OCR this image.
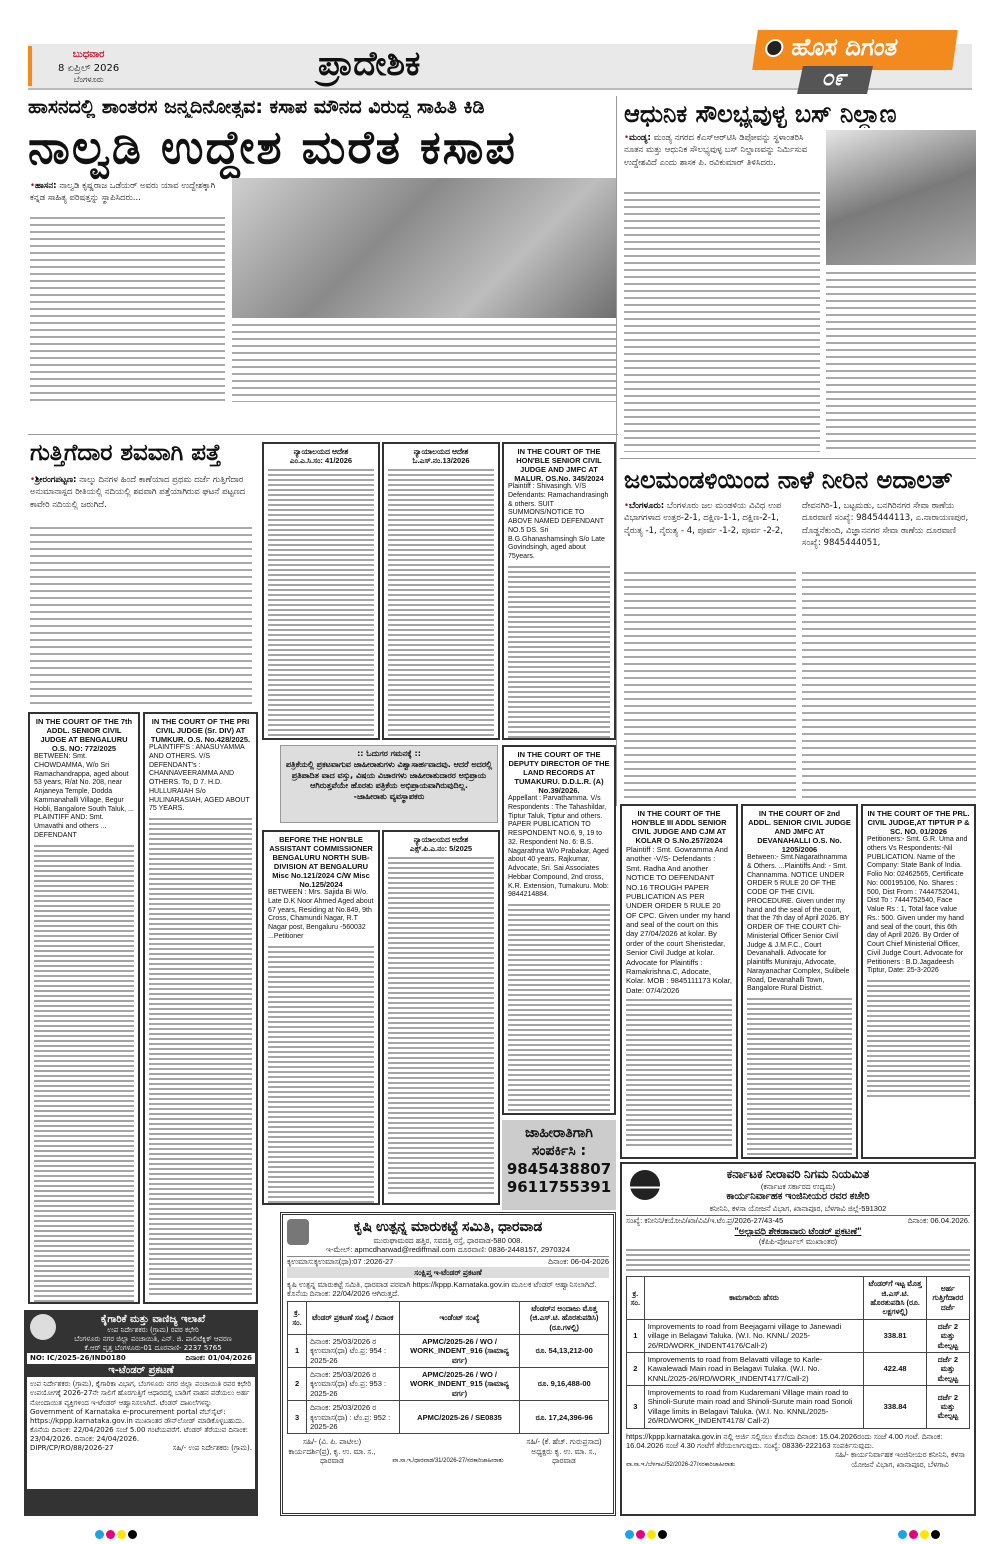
ಬುಧವಾರ
8 ಏಪ್ರಿಲ್ 2026
ಬೆಂಗಳೂರು	ಪ್ರಾದೇಶಿಕ	ಹೊಸ ದಿಗಂತ
೦೯
ಹಾಸನದಲ್ಲಿ ಶಾಂತರಸ ಜನ್ಮದಿನೋತ್ಸವ: ಕಸಾಪ ಮೌನದ ವಿರುದ್ಧ ಸಾಹಿತಿ ಕಿಡಿ
ನಾಲ್ವಡಿ ಉದ್ದೇಶ ಮರೆತ ಕಸಾಪ
•ಹಾಸನ: ನಾಲ್ವಡಿ ಕೃಷ್ಣರಾಜ ಒಡೆಯರ್ ಅವರು ಯಾವ ಉದ್ದೇಶಕ್ಕಾಗಿ ಕನ್ನಡ ಸಾಹಿತ್ಯ ಪರಿಷತ್ತನ್ನು ಸ್ಥಾಪಿಸಿದರು...
ಗುತ್ತಿಗೆದಾರ ಶವವಾಗಿ ಪತ್ತೆ
•ಶ್ರೀರಂಗಪಟ್ಟಣ: ನಾಲ್ಕು ದಿನಗಳ ಹಿಂದೆ ಕಾಣೆಯಾದ ಪ್ರಥಮ ದರ್ಜೆ ಗುತ್ತಿಗೆದಾರ ಅನುಮಾನಾಸ್ಪದ ರೀತಿಯಲ್ಲಿ ನದಿಯಲ್ಲಿ ಶವವಾಗಿ ಪತ್ತೆಯಾಗಿರುವ ಘಟನೆ ಪಟ್ಟಣದ ಕಾವೇರಿ ನದಿಯಲ್ಲಿ ಜರುಗಿದೆ.
ನ್ಯಾಯಾಲಯದ ಆದೇಶ
ಎಂ.ಎ.ಸಿ.ಸಂ: 41/2026
ನ್ಯಾಯಾಲಯದ ಆದೇಶ
ಓ.ಎಸ್.ನಂ.13/2026
IN THE COURT OF THE HON'BLE SENIOR CIVIL JUDGE AND JMFC AT MALUR. OS.No. 345/2024
Plaintiff : Shivasingh. V/S Defendants: Ramachandrasingh & others. SUIT SUMMONS/NOTICE TO ABOVE NAMED DEFENDANT NO.5 DS. Sri B.G.Ghanashamsingh S/o Late Govindsingh, aged about 75years.
IN THE COURT OF THE 7th ADDL. SENIOR CIVIL JUDGE AT BENGALURU O.S. NO: 772/2025
BETWEEN: Smt. CHOWDAMMA, W/o Sri Ramachandrappa, aged about 53 years, R/at No. 208, near Anjaneya Temple, Dodda Kammanahalli Village, Begur Hobli, Bangalore South Taluk, ... PLAINTIFF AND: Smt. Umavathi and others ... DEFENDANT
IN THE COURT OF THE PRI CIVIL JUDGE (Sr. DIV) AT TUMKUR. O.S. No.428/2025.
PLAINTIFF'S : ANASUYAMMA AND OTHERS. V/S DEFENDANT's : CHANNAVEERAMMA AND OTHERS. To, D 7. H.D. HULLURAIAH S/o HULINARASIAH, AGED ABOUT 75 YEARS.
:: ಓದುಗರ ಗಮನಕ್ಕೆ ::
ಪತ್ರಿಕೆಯಲ್ಲಿ ಪ್ರಕಟವಾಗುವ ಜಾಹೀರಾತುಗಳು ವಿಶ್ವಾಸಾರ್ಹವಾದವು. ಆದರೆ ಅದರಲ್ಲಿ ಪ್ರತಿಪಾದಿತ ವಾದ ವಸ್ತು, ವಿಷಯ ವಿಚಾರಗಳು ಜಾಹೀರಾತುದಾರರ ಅಭಿಪ್ರಾಯ ಆಗಿರುತ್ತವೆಯೇ ಹೊರತು ಪತ್ರಿಕೆಯ ಅಭಿಪ್ರಾಯವಾಗಿರುವುದಿಲ್ಲ.
-ಜಾಹೀರಾತು ವ್ಯವಸ್ಥಾಪಕರು
IN THE COURT OF THE DEPUTY DIRECTOR OF THE LAND RECORDS AT TUMAKURU. D.D.L.R. (A) No.39/2026.
Appellant : Parvathamma. V/s Respondents : The Tahashildar, Tiptur Taluk, Tiptur and others. PAPER PUBLICATION TO RESPONDENT NO.6, 9, 19 to 32. Respondent No. 6: B.S. Nagarathna W/o Prabakar, Aged about 40 years. Rajkumar, Advocate, Sri. Sai Associates Hebbar Compound, 2nd cross, K.R. Extension, Tumakuru. Mob: 9844214884.
BEFORE THE HON'BLE ASSISTANT COMMISSIONER BENGALURU NORTH SUB-DIVISION AT BENGALURU Misc No.121/2024 C/W Misc No.125/2024
BETWEEN : Mrs. Sajida Bi W/o. Late D.K Noor Ahmed Aged about 67 years, Residing at No.849, 9th Cross, Chamundi Nagar, R.T Nagar post, Bengaluru -560032 ...Petitioner
ನ್ಯಾಯಾಲಯದ ಆದೇಶ
ಎಕ್ಸ್.ಪಿ.ಎ.ನಂ: 5/2025
ಜಾಹೀರಾತಿಗಾಗಿ ಸಂಪರ್ಕಿಸಿ :
9845438807
9611755391
ಕೃಷಿ ಉತ್ಪನ್ನ ಮಾರುಕಟ್ಟೆ ಸಮಿತಿ, ಧಾರವಾಡ
ಮುರುಘಾಮಠದ ಹತ್ತಿರ, ಸವದತ್ತಿ ರಸ್ತೆ, ಧಾರವಾಡ-580 008.
ಇ-ಮೇಲ್: apmcdharwad@rediffmail.com ದೂರವಾಣಿ: 0836-2448157, 2970324
ಕೃಉಮಾಸ:ಕೃಉಮಾಸ(ಧಾ):07 :2026-27	ದಿನಾಂಕ: 06-04-2026
ಸಂಕ್ಷಿಪ್ತ ಇ-ಟೆಂಡರ್ ಪ್ರಕಟಣೆ
ಕೃಷಿ ಉತ್ಪನ್ನ ಮಾರುಕಟ್ಟೆ ಸಮಿತಿ, ಧಾರವಾಡ ಪರವಾಗಿ https://kppp.Karnataka.gov.in ಮೂಲಕ ಟೆಂಡರ್ ಆಹ್ವಾನಿಸಲಾಗಿದೆ. ಕೊನೆಯ ದಿನಾಂಕ: 22/04/2026 ಆಗಿರುತ್ತದೆ.
ಕ್ರ. ಸಂ.	ಟೆಂಡರ್ ಪ್ರಕಟಣೆ ಸಂಖ್ಯೆ / ದಿನಾಂಕ	ಇಂಡೆಂಟ್ ಸಂಖ್ಯೆ	ಟೆಂಡರ್‌ನ ಅಂದಾಜು ಮೊತ್ತ (ಜಿ.ಎಸ್.ಟಿ. ಹೊರತುಪಡಿಸಿ) (ರೂ.ಗಳಲ್ಲಿ)
1	ದಿನಾಂಕ: 25/03/2026 ರ ಕೃಉಮಾಸ(ಧಾ) ಟೆಂ.ಪ್ರ: 954 : 2025-26	APMC/2025-26 / WO / WORK_INDENT_916 (ಸಾಮಾನ್ಯ ವರ್ಗ)	ರೂ. 54,13,212-00
2	ದಿನಾಂಕ: 25/03/2026 ರ ಕೃಉಮಾಸ(ಧಾ) ಟೆಂ.ಪ್ರ: 953 : 2025-26	APMC/2025-26 / WO / WORK_INDENT_915 (ಸಾಮಾನ್ಯ ವರ್ಗ)	ರೂ. 9,16,488-00
3	ದಿನಾಂಕ: 25/03/2026 ರ ಕೃಉಮಾಸ(ಧಾ) : ಟೆಂ.ಪ್ರ: 952 : 2025-26	APMC/2025-26 / SE0835	ರೂ. 17,24,396-96
ಸಹಿ/- (ವಿ. ಪಿ. ಪಾಟೀಲ) ಕಾರ್ಯದರ್ಶಿ(ಪ್ರ), ಕೃ. ಉ. ಮಾ. ಸ., ಧಾರವಾಡ	ವಾ.ಸಾ.ಇ./ಧಾರವಾಡ/31/2026-27/ಸರಕಾರಿಜಾಹೀರಾತು
ಸಹಿ/- (ಕೆ. ಹೆಚ್. ಗುರುಪ್ರಸಾದ) ಅಧ್ಯಕ್ಷರು ಕೃ. ಉ. ಮಾ. ಸ., ಧಾರವಾಡ
ಕೈಗಾರಿಕೆ ಮತ್ತು ವಾಣಿಜ್ಯ ಇಲಾಖೆ
ಉಪ ನಿರ್ದೇಶಕರು (ಗ್ರಾಮ) ರವರ ಕಛೇರಿ
ಬೆಂಗಳೂರು ನಗರ ಜಿಲ್ಲಾ ಪಂಚಾಯಿತಿ, ಎನ್. ಜಿ. ಪಾಲಿಟೆಕ್ನಿಕ್ ಆವರಣ
ಕೆ.ಆರ್ ವೃತ್ತ ಬೆಂಗಳೂರು-01 ದೂರವಾಣಿ- 2237 5765
NO: IC/2025-26/IND0180	ದಿನಾಂಕ: 01/04/2026
ಇ-ಟೆಂಡರ್ ಪ್ರಕಟಣೆ
ಉಪ ನಿರ್ದೇಶಕರು (ಗ್ರಾಮ), ಕೈಗಾರಿಕಾ ವಿಭಾಗ, ಬೆಂಗಳೂರು ನಗರ ಜಿಲ್ಲಾ ಪಂಚಾಯಿತಿ ರವರ ಕಛೇರಿ ಉಪಯೋಗಕ್ಕೆ 2026-27ನೇ ಸಾಲಿಗೆ ಹೊರಗುತ್ತಿಗೆ ಆಧಾರದಲ್ಲಿ ಬಾಡಿಗೆ ವಾಹನ ಪಡೆಯಲು ಅರ್ಹ ನೋಂದಾಯಿತ ವ್ಯಕ್ತಿಗಳಿಂದ ಇ-ಟೆಂಡರ್ ಆಹ್ವಾನಿಸಲಾಗಿದೆ. ಟೆಂಡರ್ ದಾಖಲೆಗಳನ್ನು Government of Karnataka e-procurement portal ವೆಬ್‌ಸೈಟ್: https://kppp.karnataka.gov.in ಮುಖಾಂತರ ಡೌನ್‌ಲೋಡ್ ಮಾಡಿಕೊಳ್ಳಬಹುದು. ಕೊನೆಯ ದಿನಾಂಕ: 22/04/2026 ಸಂಜೆ 5.00 ಗಂಟೆಯವರೆಗೆ. ಟೆಂಡರ್ ತೆರೆಯುವ ದಿನಾಂಕ: 23/04/2026. ದಿನಾಂಕ: 24/04/2026.
DIPR/CP/RO/88/2026-27	ಸಹಿ/- ಉಪ ನಿರ್ದೇಶಕರು (ಗ್ರಾಮ).
ಆಧುನಿಕ ಸೌಲಭ್ಯವುಳ್ಳ ಬಸ್ ನಿಲ್ದಾಣ
•ಮಂಡ್ಯ: ಮಂಡ್ಯ ನಗರದ ಕೆಎಸ್‌ಆರ್‌ಟಿಸಿ ಡಿಪೋವನ್ನು ಸ್ಥಳಾಂತರಿಸಿ ನೂತನ ಮತ್ತು ಆಧುನಿಕ ಸೌಲಭ್ಯವುಳ್ಳ ಬಸ್ ನಿಲ್ದಾಣವನ್ನು ನಿರ್ಮಿಸುವ ಉದ್ದೇಶವಿದೆ ಎಂದು ಶಾಸಕ ಪಿ. ರವಿಕುಮಾರ್ ತಿಳಿಸಿದರು.
ಜಲಮಂಡಳಿಯಿಂದ ನಾಳೆ ನೀರಿನ ಅದಾಲತ್
•ಬೆಂಗಳೂರು: ಬೆಂಗಳೂರು ಜಲ ಮಂಡಳಿಯ ವಿವಿಧ ಉಪ ವಿಭಾಗಗಳಾದ ಉತ್ತರ-2-1, ದಕ್ಷಿಣ-1-1, ದಕ್ಷಿಣ-2-1, ನೈರುತ್ಯ -1, ನೈರುತ್ಯ - 4, ಪೂರ್ವ -1-2, ಪೂರ್ವ -2-2,
ದೇವನಗಿರಿ-1, ಬಟ್ಟಮಡು, ಬನಗಿರಿನಗರ ಸೇವಾ ಠಾಣೆಯ ದೂರವಾಣಿ ಸಂಖ್ಯೆ: 9845444113, ಎ.ನಾರಾಯಣಪುರ, ದೊಡ್ಡನೆಕುಂದಿ, ವಿಜ್ಞಾನನಗರ ಸೇವಾ ಠಾಣೆಯ ದೂರವಾಣಿ ಸಂಖ್ಯೆ: 9845444051,
IN THE COURT OF THE HON'BLE III ADDL SENIOR CIVIL JUDGE AND CJM AT KOLAR O S.No.257/2024
Plaintiff : Smt. Gowramma And another -V/S- Defendants : Smt. Radha And another NOTICE TO DEFENDANT NO.16 TROUGH PAPER PUBLICATION AS PER UNDER ORDER 5 RULE 20 OF CPC. Given under my hand and seal of the court on this day 27/04/2026 at kolar. By order of the court Sheristedar, Senior Civil Judge at kolar. Advocate for Plaintiffs : Ramakrishna.C, Adocate, Kolar. MOB : 9845111173 Kolar, Date: 07/4/2026
IN THE COURT OF 2nd ADDL. SENIOR CIVIL JUDGE AND JMFC AT DEVANAHALLI O.S. No. 1205/2006
Between:- Smt.Nagarathnamma & Others. ...Plaintiffs And: - Smt. Channamma. NOTICE UNDER ORDER 5 RULE 20 OF THE CODE OF THE CIVIL PROCEDURE. Given under my hand and the seal of the court, that the 7th day of April 2026. BY ORDER OF THE COURT Chi-Ministerial Officer Senior Civil Judge & J.M.F.C., Court Devanahalli. Advocate for plaintiffs Muniraju, Advocate, Narayanachar Complex, Sulibele Road, Devanahalli Town, Bangalore Rural District.
IN THE COURT OF THE PRL. CIVIL JUDGE,AT TIPTUR P & SC. NO. 01/2026
Petitioners:- Smt. G.R. Uma and others Vs Respondents:-Nil PUBLICATION. Name of the Company: State Bank of India. Folio No: 02462565, Certificate No: 000195106, No. Shares : 500, Dist From : 7444752041, Dist To : 7444752540, Face Value Rs : 1, Total face value Rs.: 500. Given under my hand and seal of the court, this 6th day of April 2026. By Order of Court Chief Ministerial Officer, Civil Judge Court. Advocate for Petitioners : B.D.Jagadeesh Tiptur, Date: 25-3-2026
ಕರ್ನಾಟಕ ನೀರಾವರಿ ನಿಗಮ ನಿಯಮಿತ
(ಕರ್ನಾಟಕ ಸರ್ಕಾರದ ಉದ್ಯಮ)
ಕಾರ್ಯನಿರ್ವಾಹಕ ಇಂಜಿನೀಯರ ರವರ ಕಚೇರಿ
ಕನೀನಿನಿ, ಕಳಸಾ ಯೋಜನೆ ವಿಭಾಗ, ಖಾನಾಪೂರ, ಬೆಳಗಾವಿ ಜಿಲ್ಲೆ-591302
ಸಂಖ್ಯೆ: ಕನೀನಿನಿ/ಕಯೋವಿ/ಖಾ/ವಿವಿ/ಇ.ಟೆಂ.ಪ್ರ/2026-27/43-45	ದಿನಾಂಕ: 06.04.2026.
"ಅಲ್ಪಾವಧಿ ಶೇಕಡಾವಾರು ಟೆಂಡರ್ ಪ್ರಕಟಣೆ"
(ಕೆಪಿಪಿ-ಪೋರ್ಟಲ್ ಮುಖಾಂತರ)
ಕ್ರ. ಸಂ.	ಕಾಮಗಾರಿಯ ಹೆಸರು	ಟೆಂಡರ್‌ಗೆ ಇಟ್ಟ ಮೊತ್ತ ಜಿ.ಎಸ್.ಟಿ. ಹೊರತುಪಡಿಸಿ (ರೂ. ಲಕ್ಷಗಳಲ್ಲಿ)	ಅರ್ಹ ಗುತ್ತಿಗೆದಾರರ ದರ್ಜೆ
1	Improvements to road from Beejagarni village to Janewadi village in Belagavi Taluka. (W.I. No. KNNL/ 2025-26/RD/WORK_INDENT4176/Call-2)	338.81	ದರ್ಜೆ 2 ಮತ್ತು ಮೇಲ್ಪಟ್ಟ
2	Improvements to road from Belavatti village to Karle-Kawalewadi Main road in Belagavi Tulaka. (W.I. No. KNNL/2025-26/RD/WORK_INDENT4177/Call-2)	422.48	ದರ್ಜೆ 2 ಮತ್ತು ಮೇಲ್ಪಟ್ಟ
3	Improvements to road from Kudaremani Village main road to Shinoli-Surute main road and Shinoli-Surute main road Sonoli Village limits in Belagavi Taluka. (W.I. No. KNNL/2025-26/RD/WORK_INDENT4178/ Call-2)	338.84	ದರ್ಜೆ 2 ಮತ್ತು ಮೇಲ್ಪಟ್ಟ
https://kppp.karnataka.gov.in ನಲ್ಲಿ ಅರ್ಜಿ ಸಲ್ಲಿಸಲು ಕೊನೆಯ ದಿನಾಂಕ: 15.04.2026ರಂದು ಸಂಜೆ 4.00 ಗಂಟೆ. ದಿನಾಂಕ: 16.04.2026 ಸಂಜೆ 4.30 ಗಂಟೆಗೆ ತೆರೆಯಲಾಗುವುದು. ಸಂಖ್ಯೆ: 08336-222163 ಸಂಪರ್ಕಿಸುವುದು.
ವಾ.ಸಾ.ಇ./ಬೆಳಗಾವಿ/52/2026-27/ಸರಕಾರಿಜಾಹೀರಾತು
ಸಹಿ/- ಕಾರ್ಯನಿರ್ವಾಹಕ ಇಂಜಿನೀಯರ ಕನೀನಿನಿ, ಕಳಸಾ ಯೋಜನೆ ವಿಭಾಗ, ಖಾನಾಪೂರ, ಬೆಳಗಾವಿ
